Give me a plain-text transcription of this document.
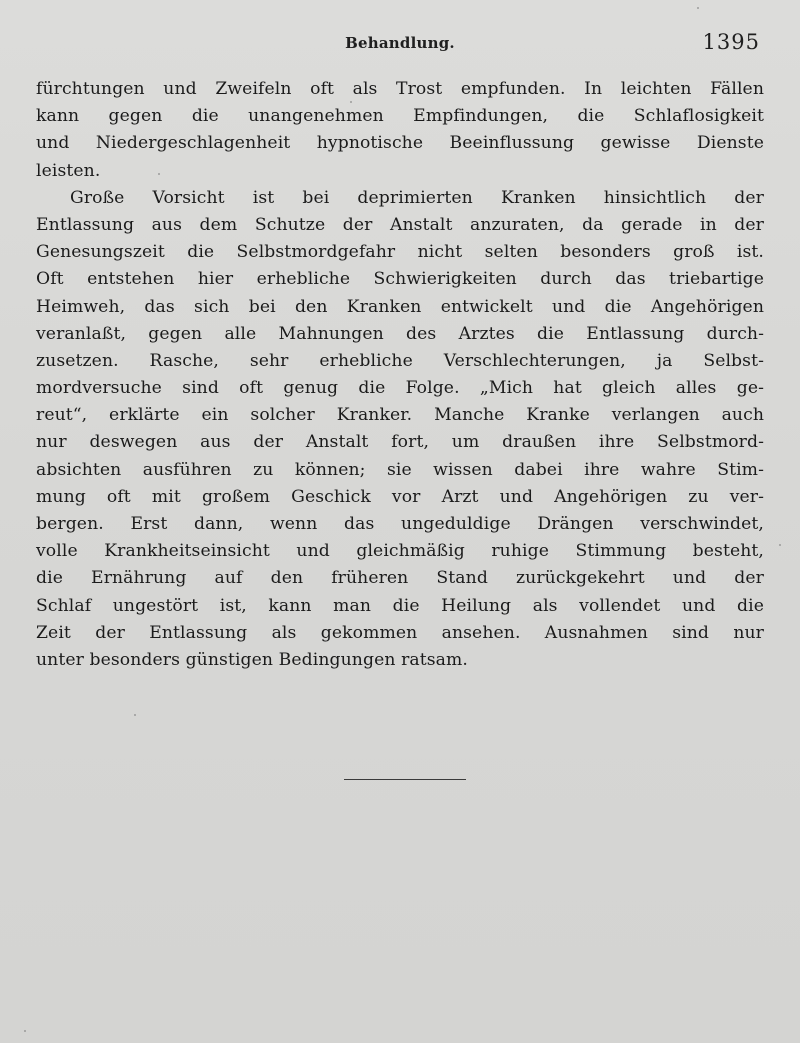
Behandlung.	1395
fürchtungen und Zweifeln oft als Trost empfunden. In leichten Fällen
kann gegen die unangenehmen Empfindungen, die Schlaflosigkeit
und Niedergeschlagenheit hypnotische Beeinflussung gewisse Dienste
leisten.
Große Vorsicht ist bei deprimierten Kranken hinsichtlich der
Entlassung aus dem Schutze der Anstalt anzuraten, da gerade in der
Genesungszeit die Selbstmordgefahr nicht selten besonders groß ist.
Oft entstehen hier erhebliche Schwierigkeiten durch das triebartige
Heimweh, das sich bei den Kranken entwickelt und die Angehörigen
veranlaßt, gegen alle Mahnungen des Arztes die Entlassung durch-
zusetzen. Rasche, sehr erhebliche Verschlechterungen, ja Selbst-
mordversuche sind oft genug die Folge. „Mich hat gleich alles ge-
reut“, erklärte ein solcher Kranker. Manche Kranke verlangen auch
nur deswegen aus der Anstalt fort, um draußen ihre Selbstmord-
absichten ausführen zu können; sie wissen dabei ihre wahre Stim-
mung oft mit großem Geschick vor Arzt und Angehörigen zu ver-
bergen. Erst dann, wenn das ungeduldige Drängen verschwindet,
volle Krankheitseinsicht und gleichmäßig ruhige Stimmung besteht,
die Ernährung auf den früheren Stand zurückgekehrt und der
Schlaf ungestört ist, kann man die Heilung als vollendet und die
Zeit der Entlassung als gekommen ansehen. Ausnahmen sind nur
unter besonders günstigen Bedingungen ratsam.
